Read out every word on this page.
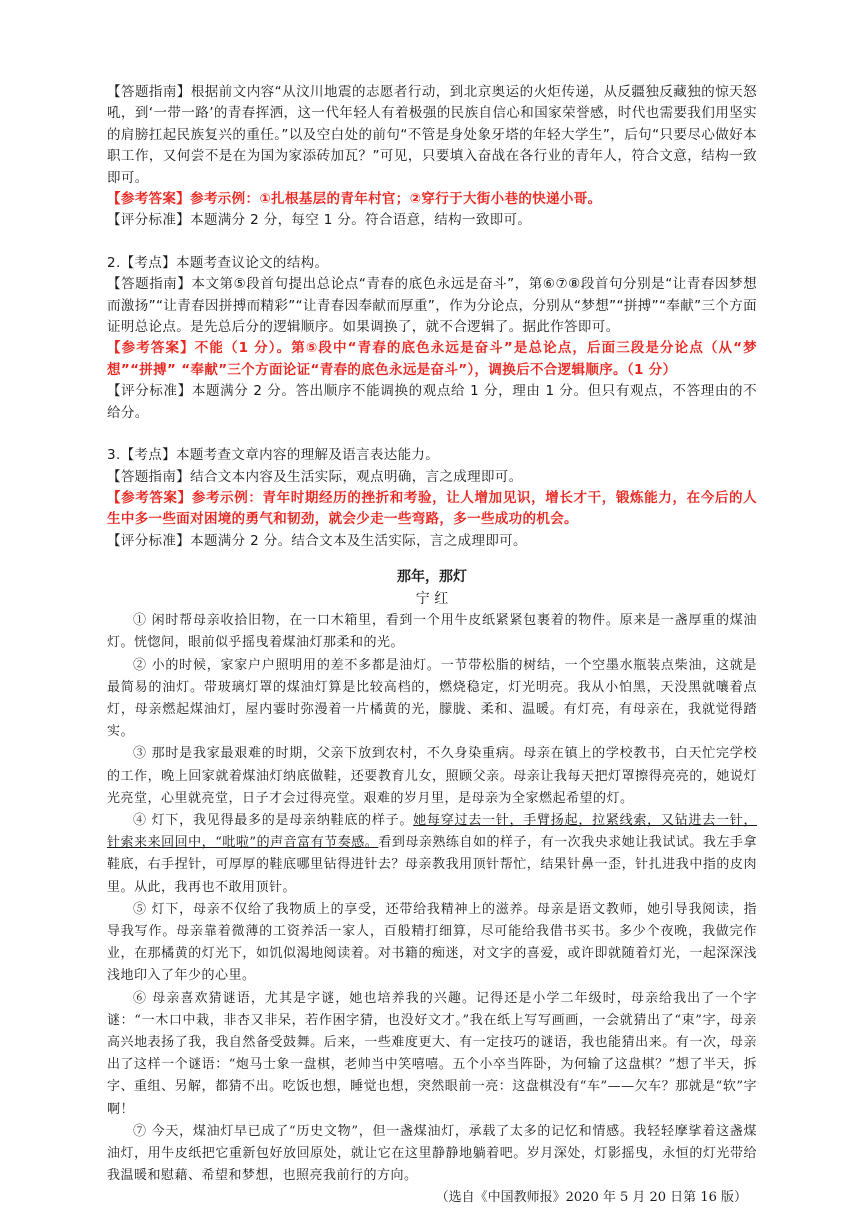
【答题指南】根据前文内容“从汶川地震的志愿者行动，到北京奥运的火炬传递，从反疆独反藏独的惊天怒吼，到‘一带一路’的青春挥洒，这一代年轻人有着极强的民族自信心和国家荣誉感，时代也需要我们用坚实的肩膀扛起民族复兴的重任。”以及空白处的前句“不管是身处象牙塔的年轻大学生”，后句“只要尽心做好本职工作，又何尝不是在为国为家添砖加瓦？”可见，只要填入奋战在各行业的青年人，符合文意，结构一致即可。

【参考答案】参考示例：①扎根基层的青年村官；②穿行于大街小巷的快递小哥。

【评分标准】本题满分 2 分，每空 1 分。符合语意，结构一致即可。

2.【考点】本题考查议论文的结构。

【答题指南】本文第⑤段首句提出总论点“青春的底色永远是奋斗”，第⑥⑦⑧段首句分别是“让青春因梦想而激扬”“让青春因拼搏而精彩”“让青春因奉献而厚重”，作为分论点，分别从“梦想”“拼搏”“奉献”三个方面证明总论点。是先总后分的逻辑顺序。如果调换了，就不合逻辑了。据此作答即可。

【参考答案】不能（1 分）。第⑤段中“青春的底色永远是奋斗”是总论点，后面三段是分论点（从“梦想”“拼搏” “奉献”三个方面论证“青春的底色永远是奋斗”），调换后不合逻辑顺序。（1 分）

【评分标准】本题满分 2 分。答出顺序不能调换的观点给 1 分，理由 1 分。但只有观点，不答理由的不给分。

3.【考点】本题考查文章内容的理解及语言表达能力。

【答题指南】结合文本内容及生活实际，观点明确，言之成理即可。

【参考答案】参考示例：青年时期经历的挫折和考验，让人增加见识，增长才干，锻炼能力，在今后的人生中多一些面对困境的勇气和韧劲，就会少走一些弯路，多一些成功的机会。

【评分标准】本题满分 2 分。结合文本及生活实际，言之成理即可。

那年，那灯
宁 红

① 闲时帮母亲收拾旧物，在一口木箱里，看到一个用牛皮纸紧紧包裹着的物件。原来是一盏厚重的煤油灯。恍惚间，眼前似乎摇曳着煤油灯那柔和的光。

② 小的时候，家家户户照明用的差不多都是油灯。一节带松脂的树结，一个空墨水瓶装点柴油，这就是最简易的油灯。带玻璃灯罩的煤油灯算是比较高档的，燃烧稳定，灯光明亮。我从小怕黑，天没黑就嚷着点灯，母亲燃起煤油灯，屋内霎时弥漫着一片橘黄的光，朦胧、柔和、温暖。有灯亮，有母亲在，我就觉得踏实。

③ 那时是我家最艰难的时期，父亲下放到农村，不久身染重病。母亲在镇上的学校教书，白天忙完学校的工作，晚上回家就着煤油灯纳底做鞋，还要教育儿女，照顾父亲。母亲让我每天把灯罩擦得亮亮的，她说灯光亮堂，心里就亮堂，日子才会过得亮堂。艰难的岁月里，是母亲为全家燃起希望的灯。

④ 灯下，我见得最多的是母亲纳鞋底的样子。她每穿过去一针，手臂扬起，拉紧线索，又钻进去一针，针索来来回回中，“吡啦”的声音富有节奏感。看到母亲熟练自如的样子，有一次我央求她让我试试。我左手拿鞋底，右手捏针，可厚厚的鞋底哪里钻得进针去？母亲教我用顶针帮忙，结果针鼻一歪，针扎进我中指的皮肉里。从此，我再也不敢用顶针。

⑤ 灯下，母亲不仅给了我物质上的享受，还带给我精神上的滋养。母亲是语文教师，她引导我阅读，指导我写作。母亲靠着微薄的工资养活一家人，百般精打细算，尽可能给我借书买书。多少个夜晚，我做完作业，在那橘黄的灯光下，如饥似渴地阅读着。对书籍的痴迷，对文字的喜爱，或许即就随着灯光，一起深深浅浅地印入了年少的心里。

⑥ 母亲喜欢猜谜语，尤其是字谜，她也培养我的兴趣。记得还是小学二年级时，母亲给我出了一个字谜：“一木口中栽，非杏又非呆，若作困字猜，也没好文才。”我在纸上写写画画，一会就猜出了“束”字，母亲高兴地表扬了我，我自然备受鼓舞。后来，一些难度更大、有一定技巧的谜语，我也能猜出来。有一次，母亲出了这样一个谜语：“炮马士象一盘棋，老帅当中笑嘻嘻。五个小卒当阵卧，为何输了这盘棋？”想了半天，拆字、重组、另解，都猜不出。吃饭也想，睡觉也想，突然眼前一亮：这盘棋没有“车”——欠车？那就是“软”字啊！

⑦ 今天，煤油灯早已成了“历史文物”，但一盏煤油灯，承载了太多的记忆和情感。我轻轻摩挲着这盏煤油灯，用牛皮纸把它重新包好放回原处，就让它在这里静静地躺着吧。岁月深处，灯影摇曳，永恒的灯光带给我温暖和慰藉、希望和梦想，也照亮我前行的方向。

（选自《中国教师报》2020 年 5 月 20 日第 16 版）
